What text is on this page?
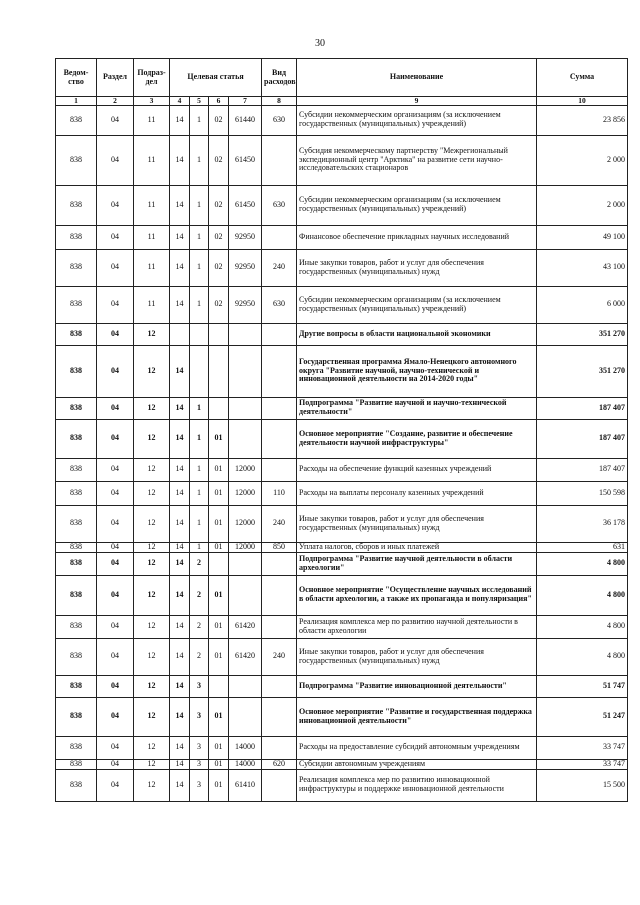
30
Ведом-ство	Раздел	Подраз-дел	Целевая статья				Вид расходов	Наименование	Сумма
1	2	3	4	5	6	7	8	9	10
838	04	11	14	1	02	61440	630	Субсидии некоммерческим организациям (за исключением государственных (муниципальных) учреждений)	23 856
838	04	11	14	1	02	61450		Субсидия некоммерческому партнерству "Межрегиональный экспедиционный центр "Арктика" на развитие сети научно-исследовательских стационаров	2 000
838	04	11	14	1	02	61450	630	Субсидии некоммерческим организациям (за исключением государственных (муниципальных) учреждений)	2 000
838	04	11	14	1	02	92950		Финансовое обеспечение прикладных научных исследований	49 100
838	04	11	14	1	02	92950	240	Иные закупки товаров, работ и услуг для обеспечения государственных (муниципальных) нужд	43 100
838	04	11	14	1	02	92950	630	Субсидии некоммерческим организациям (за исключением государственных (муниципальных) учреждений)	6 000
838	04	12						Другие вопросы в области национальной экономики	351 270
838	04	12	14					Государственная программа Ямало-Ненецкого автономного округа "Развитие научной, научно-технической и инновационной деятельности на 2014-2020 годы"	351 270
838	04	12	14	1				Подпрограмма "Развитие научной и научно-технической деятельности"	187 407
838	04	12	14	1	01			Основное мероприятие "Создание, развитие и обеспечение деятельности научной инфраструктуры"	187 407
838	04	12	14	1	01	12000		Расходы на обеспечение функций казенных учреждений	187 407
838	04	12	14	1	01	12000	110	Расходы на выплаты персоналу казенных учреждений	150 598
838	04	12	14	1	01	12000	240	Иные закупки товаров, работ и услуг для обеспечения государственных (муниципальных) нужд	36 178
838	04	12	14	1	01	12000	850	Уплата налогов, сборов и иных платежей	631
838	04	12	14	2				Подпрограмма "Развитие научной деятельности в области археологии"	4 800
838	04	12	14	2	01			Основное мероприятие "Осуществление научных исследований в области археологии, а также их пропаганда и популяризация"	4 800
838	04	12	14	2	01	61420		Реализация комплекса мер по развитию научной деятельности в области археологии	4 800
838	04	12	14	2	01	61420	240	Иные закупки товаров, работ и услуг для обеспечения государственных (муниципальных) нужд	4 800
838	04	12	14	3				Подпрограмма "Развитие инновационной деятельности"	51 747
838	04	12	14	3	01			Основное мероприятие "Развитие и государственная поддержка инновационной деятельности"	51 247
838	04	12	14	3	01	14000		Расходы на предоставление субсидий автономным учреждениям	33 747
838	04	12	14	3	01	14000	620	Субсидии автономным учреждениям	33 747
838	04	12	14	3	01	61410		Реализация комплекса мер по развитию инновационной инфраструктуры и поддержке инновационной деятельности	15 500
